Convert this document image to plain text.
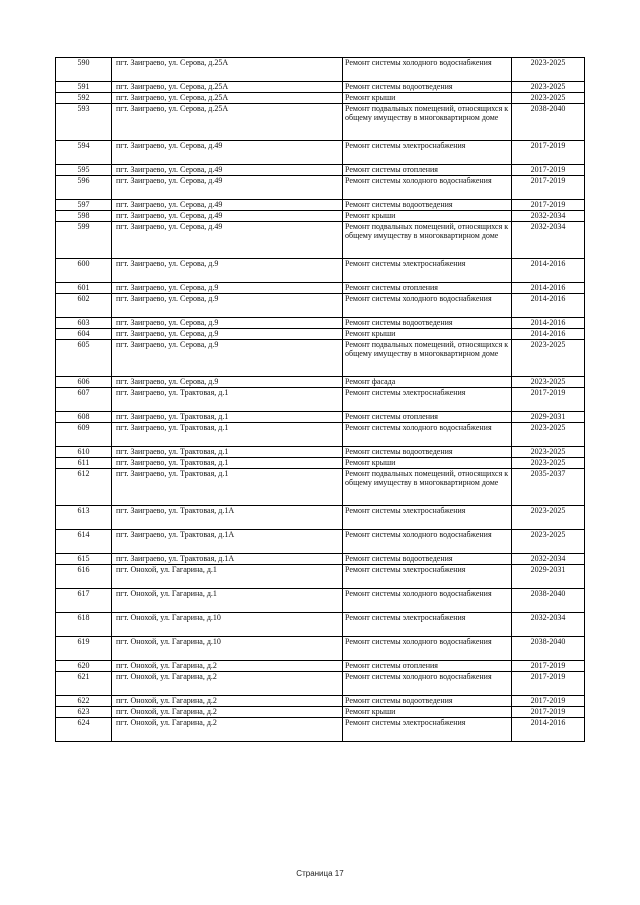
590	пгт. Заиграево, ул. Серова, д.25А	Ремонт системы холодного водоснабжения	2023-2025
591	пгт. Заиграево, ул. Серова, д.25А	Ремонт системы водоотведения	2023-2025
592	пгт. Заиграево, ул. Серова, д.25А	Ремонт крыши	2023-2025
593	пгт. Заиграево, ул. Серова, д.25А	Ремонт подвальных помещений, относящихся к общему имуществу в многоквартирном доме	2038-2040
594	пгт. Заиграево, ул. Серова, д.49	Ремонт системы электроснабжения	2017-2019
595	пгт. Заиграево, ул. Серова, д.49	Ремонт системы отопления	2017-2019
596	пгт. Заиграево, ул. Серова, д.49	Ремонт системы холодного водоснабжения	2017-2019
597	пгт. Заиграево, ул. Серова, д.49	Ремонт системы водоотведения	2017-2019
598	пгт. Заиграево, ул. Серова, д.49	Ремонт крыши	2032-2034
599	пгт. Заиграево, ул. Серова, д.49	Ремонт подвальных помещений, относящихся к общему имуществу в многоквартирном доме	2032-2034
600	пгт. Заиграево, ул. Серова, д.9	Ремонт системы электроснабжения	2014-2016
601	пгт. Заиграево, ул. Серова, д.9	Ремонт системы отопления	2014-2016
602	пгт. Заиграево, ул. Серова, д.9	Ремонт системы холодного водоснабжения	2014-2016
603	пгт. Заиграево, ул. Серова, д.9	Ремонт системы водоотведения	2014-2016
604	пгт. Заиграево, ул. Серова, д.9	Ремонт крыши	2014-2016
605	пгт. Заиграево, ул. Серова, д.9	Ремонт подвальных помещений, относящихся к общему имуществу в многоквартирном доме	2023-2025
606	пгт. Заиграево, ул. Серова, д.9	Ремонт фасада	2023-2025
607	пгт. Заиграево, ул. Трактовая, д.1	Ремонт системы электроснабжения	2017-2019
608	пгт. Заиграево, ул. Трактовая, д.1	Ремонт системы отопления	2029-2031
609	пгт. Заиграево, ул. Трактовая, д.1	Ремонт системы холодного водоснабжения	2023-2025
610	пгт. Заиграево, ул. Трактовая, д.1	Ремонт системы водоотведения	2023-2025
611	пгт. Заиграево, ул. Трактовая, д.1	Ремонт крыши	2023-2025
612	пгт. Заиграево, ул. Трактовая, д.1	Ремонт подвальных помещений, относящихся к общему имуществу в многоквартирном доме	2035-2037
613	пгт. Заиграево, ул. Трактовая, д.1А	Ремонт системы электроснабжения	2023-2025
614	пгт. Заиграево, ул. Трактовая, д.1А	Ремонт системы холодного водоснабжения	2023-2025
615	пгт. Заиграево, ул. Трактовая, д.1А	Ремонт системы водоотведения	2032-2034
616	пгт. Онохой, ул. Гагарина, д.1	Ремонт системы электроснабжения	2029-2031
617	пгт. Онохой, ул. Гагарина, д.1	Ремонт системы холодного водоснабжения	2038-2040
618	пгт. Онохой, ул. Гагарина, д.10	Ремонт системы электроснабжения	2032-2034
619	пгт. Онохой, ул. Гагарина, д.10	Ремонт системы холодного водоснабжения	2038-2040
620	пгт. Онохой, ул. Гагарина, д.2	Ремонт системы отопления	2017-2019
621	пгт. Онохой, ул. Гагарина, д.2	Ремонт системы холодного водоснабжения	2017-2019
622	пгт. Онохой, ул. Гагарина, д.2	Ремонт системы водоотведения	2017-2019
623	пгт. Онохой, ул. Гагарина, д.2	Ремонт крыши	2017-2019
624	пгт. Онохой, ул. Гагарина, д.2	Ремонт системы электроснабжения	2014-2016
Страница 17
